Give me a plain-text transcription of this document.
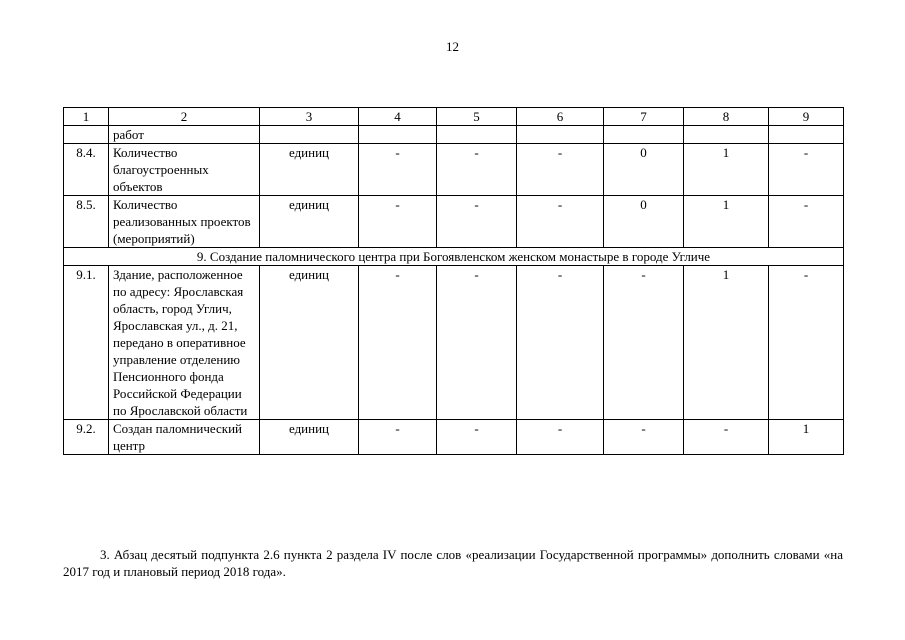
12
1	2	3	4	5	6	7	8	9
	работ							
8.4.	Количество благоустроенных объектов	единиц	-	-	-	0	1	-
8.5.	Количество реализованных проектов (мероприятий)	единиц	-	-	-	0	1	-
9. Создание паломнического центра при Богоявленском женском монастыре в городе Угличе								
9.1.	Здание, расположенное по адресу: Ярославская область, город Углич, Ярославская ул., д. 21, передано в оперативное управление отделению Пенсионного фонда Российской Федерации по Ярославской области	единиц	-	-	-	-	1	-
9.2.	Создан паломнический центр	единиц	-	-	-	-	-	1

3. Абзац десятый подпункта 2.6 пункта 2 раздела IV после слов «реализации Государственной программы» дополнить словами «на 2017 год и плановый период 2018 года».
